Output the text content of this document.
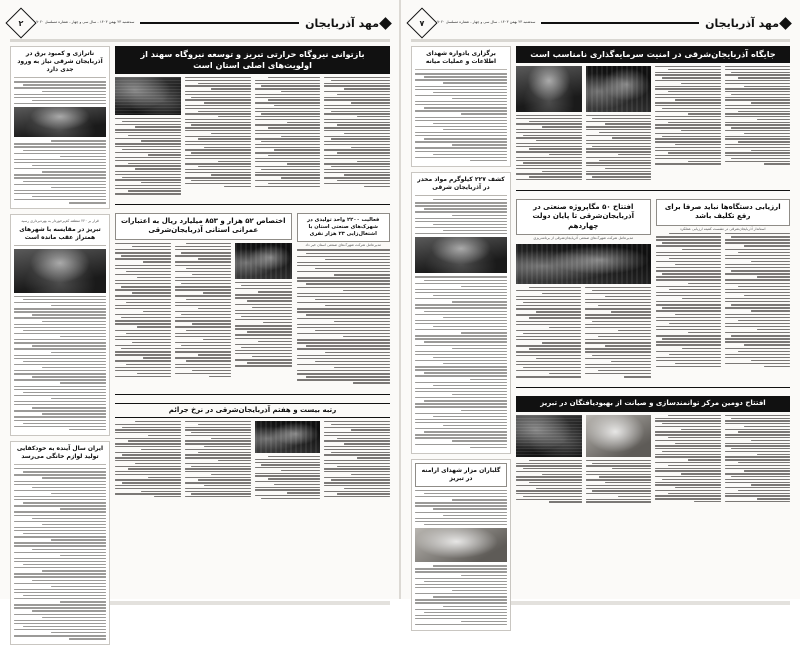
مهد آذربایجان
سه‌شنبه ۲۳ بهمن ۱۴۰۳ - سال سی و چهار - شماره مسلسل ۹۰۲۰
۷
جایگاه آذربایجان‌شرقی در امنیت سرمایه‌گذاری نامناسب است
ارزیابی دستگاه‌ها نباید صرفا برای رفع تکلیف باشد
استاندار آذربایجان‌شرقی در نشست کمیته ارزیابی عملکرد
افتتاح ۵۰ مگاپروژه صنعتی در آذربایجان‌شرقی تا پایان دولت چهاردهم
مدیرعامل شرکت شهرک‌های صنعتی آذربایجان‌شرقی از برنامه‌ریزی
افتتاح دومین مرکز توانمندسازی و صیانت از بهبودیافتگان در تبریز
برگزاری یادواره شهدای اطلاعات و عملیات میانه
کشف ۲۲۷ کیلوگرم مواد مخدر در آذربایجان شرقی
گلباران مزار شهدای ارامنه در تبریز
مهد آذربایجان
سه‌شنبه ۲۳ بهمن ۱۴۰۳ - سال سی و چهار - شماره مسلسل ۹۰۲۰
۲
بازتوانی نیروگاه حرارتی تبریز و توسعه نیروگاه سهند از اولویت‌های اصلی استان است
فعالیت ۲۲۰۰ واحد تولیدی در شهرک‌های صنعتی استان با اشتغال‌زایی ۲۳ هزار نفری
مدیرعامل شرکت شهرک‌های صنعتی استان خبر داد
اختصاص ۵۲ هزار و ۸۵۳ میلیارد ریال به اعتبارات عمرانی استانی آذربایجان‌شرقی
رتبه بیست و هفتم آذربایجان‌شرقی در نرخ جرائم
ناترازی و کمبود برق در آذربایجان شرقی نیاز به ورود جدی دارد
قرار بر ۲۲۰ منطقه کم‌برخوردار به بهره‌برداری رسید
تبریز در مقایسه با شهرهای همتراز عقب مانده است
ایران سال آینده به خودکفایی تولید لوازم خانگی می‌رسد
